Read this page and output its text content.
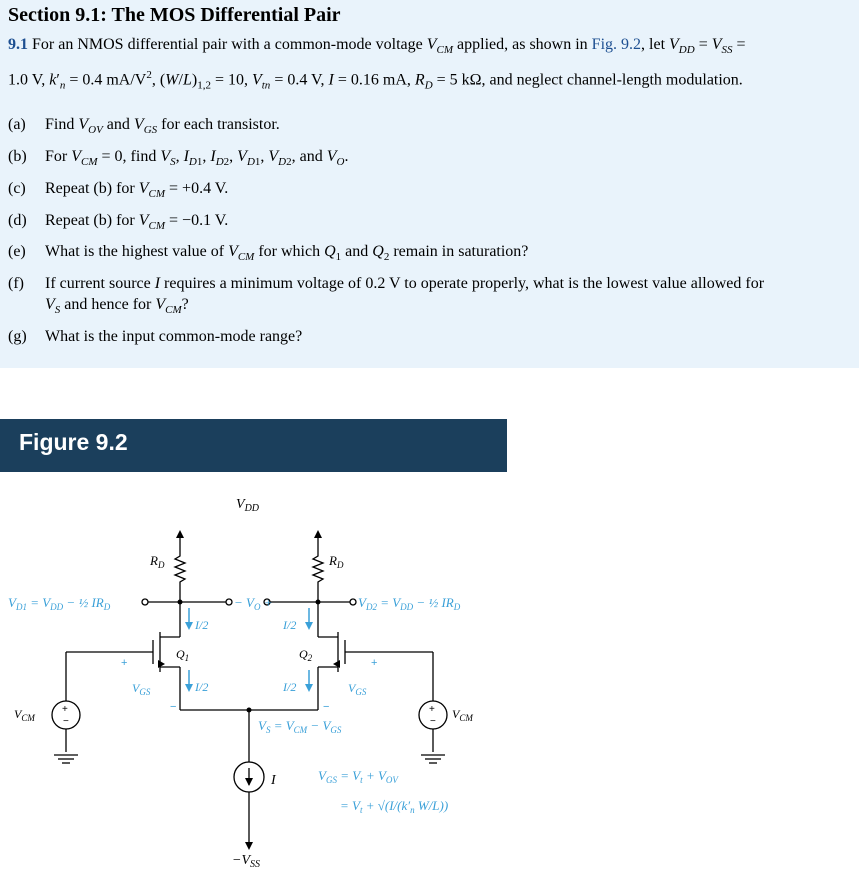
Section 9.1: The MOS Differential Pair
9.1 For an NMOS differential pair with a common-mode voltage $V_{CM}$ applied, as shown in Fig. 9.2, let $V_{DD} = V_{SS}$ =
1.0 V, $k'_n = 0.4$ $mA/V^2$, $(W/L)_{1,2} = 10$, $V_{tn} = 0.4$ V, I = 0.16 mA, $R_D = 5$ kΩ, and neglect channel-length modulation.
(a) Find $V_{OV}$ and $V_{GS}$ for each transistor.
(b) For $V_{CM} = 0$, find $V_S$, $I_{D1}$, $I_{D2}$, $V_{D1}$, $V_{D2}$, and $V_O$.
(c) Repeat (b) for $V_{CM} = +0.4$ V.
(d) Repeat (b) for $V_{CM} = -0.1$ V.
(e) What is the highest value of $V_{CM}$ for which $Q_1$ and $Q_2$ remain in saturation?
(f) If current source I requires a minimum voltage of 0.2 V to operate properly, what is the lowest value allowed for
$V_S$ and hence for $V_{CM}$?
(g) What is the input common-mode range?
Figure 9.2
+
−
+
−
$V_{DD}$
$R_D$	$R_D$
$V_{D1} = V_{DD}$ − ½ $IR_D$	$V_{D2} = V_{DD}$ − ½ $IR_D$
− $V_O$ +
I/2	I/2
I/2	I/2
$Q_1$	$Q_2$
+	+
−	−
$V_{GS}$	$V_{GS}$
$V_{CM}$	$V_{CM}$
$V_S = V_{CM} - V_{GS}$
I
$-V_{SS}$
$V_{GS} = V_t + V_{OV}$
= $V_t + √(I/(k'_n$ W/L))
